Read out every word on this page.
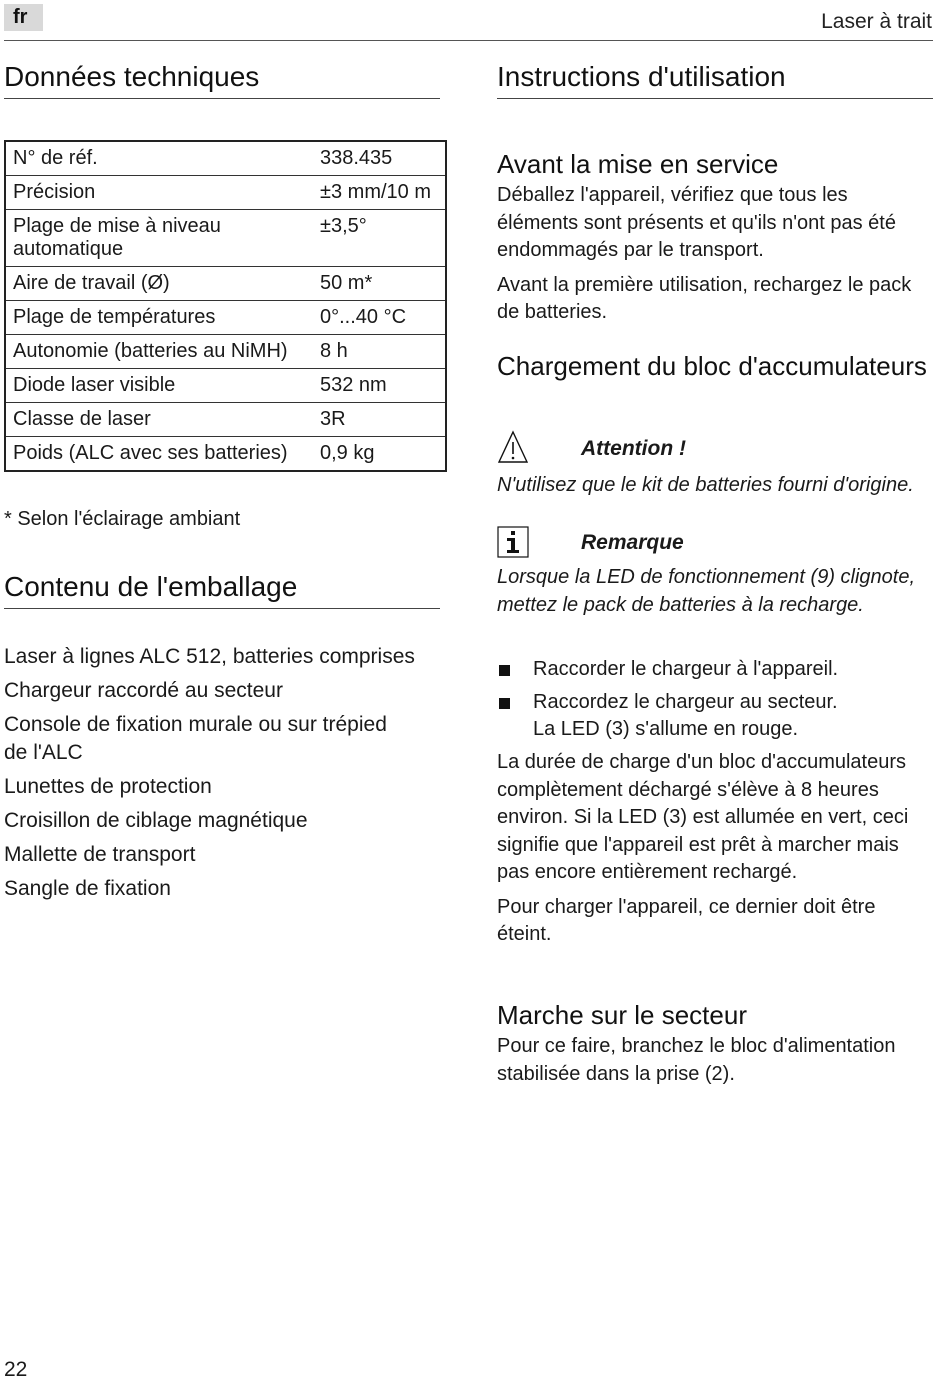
fr	Laser à trait
Données techniques
N° de réf.	338.435
Précision	±3 mm/10 m
Plage de mise à niveau automatique	±3,5°
Aire de travail (Ø)	50 m*
Plage de températures	0°...40 °C
Autonomie (batteries au NiMH)	8 h
Diode laser visible	532 nm
Classe de laser	3R
Poids (ALC avec ses batteries)	0,9 kg
* Selon l'éclairage ambiant
Contenu de l'emballage
Laser à lignes ALC 512, batteries comprises
Chargeur raccordé au secteur
Console de fixation murale ou sur trépied de l'ALC
Lunettes de protection
Croisillon de ciblage magnétique
Mallette de transport
Sangle de fixation
Instructions d'utilisation
Avant la mise en service

Déballez l'appareil, vérifiez que tous les éléments sont présents et qu'ils n'ont pas été endommagés par le transport.

Avant la première utilisation, rechargez le pack de batteries.

Chargement du bloc d'accumulateurs
Attention !
N'utilisez que le kit de batteries fourni d'origine.
Remarque
Lorsque la LED de fonctionnement (9) clignote, mettez le pack de batteries à la recharge.
Raccorder le chargeur à l'appareil.
Raccordez le chargeur au secteur.
La LED (3) s'allume en rouge.

La durée de charge d'un bloc d'accumulateurs complètement déchargé s'élève à 8 heures environ. Si la LED (3) est allumée en vert, ceci signifie que l'appareil est prêt à marcher mais pas encore entièrement rechargé.

Pour charger l'appareil, ce dernier doit être éteint.

Marche sur le secteur

Pour ce faire, branchez le bloc d'alimentation stabilisée dans la prise (2).

22
